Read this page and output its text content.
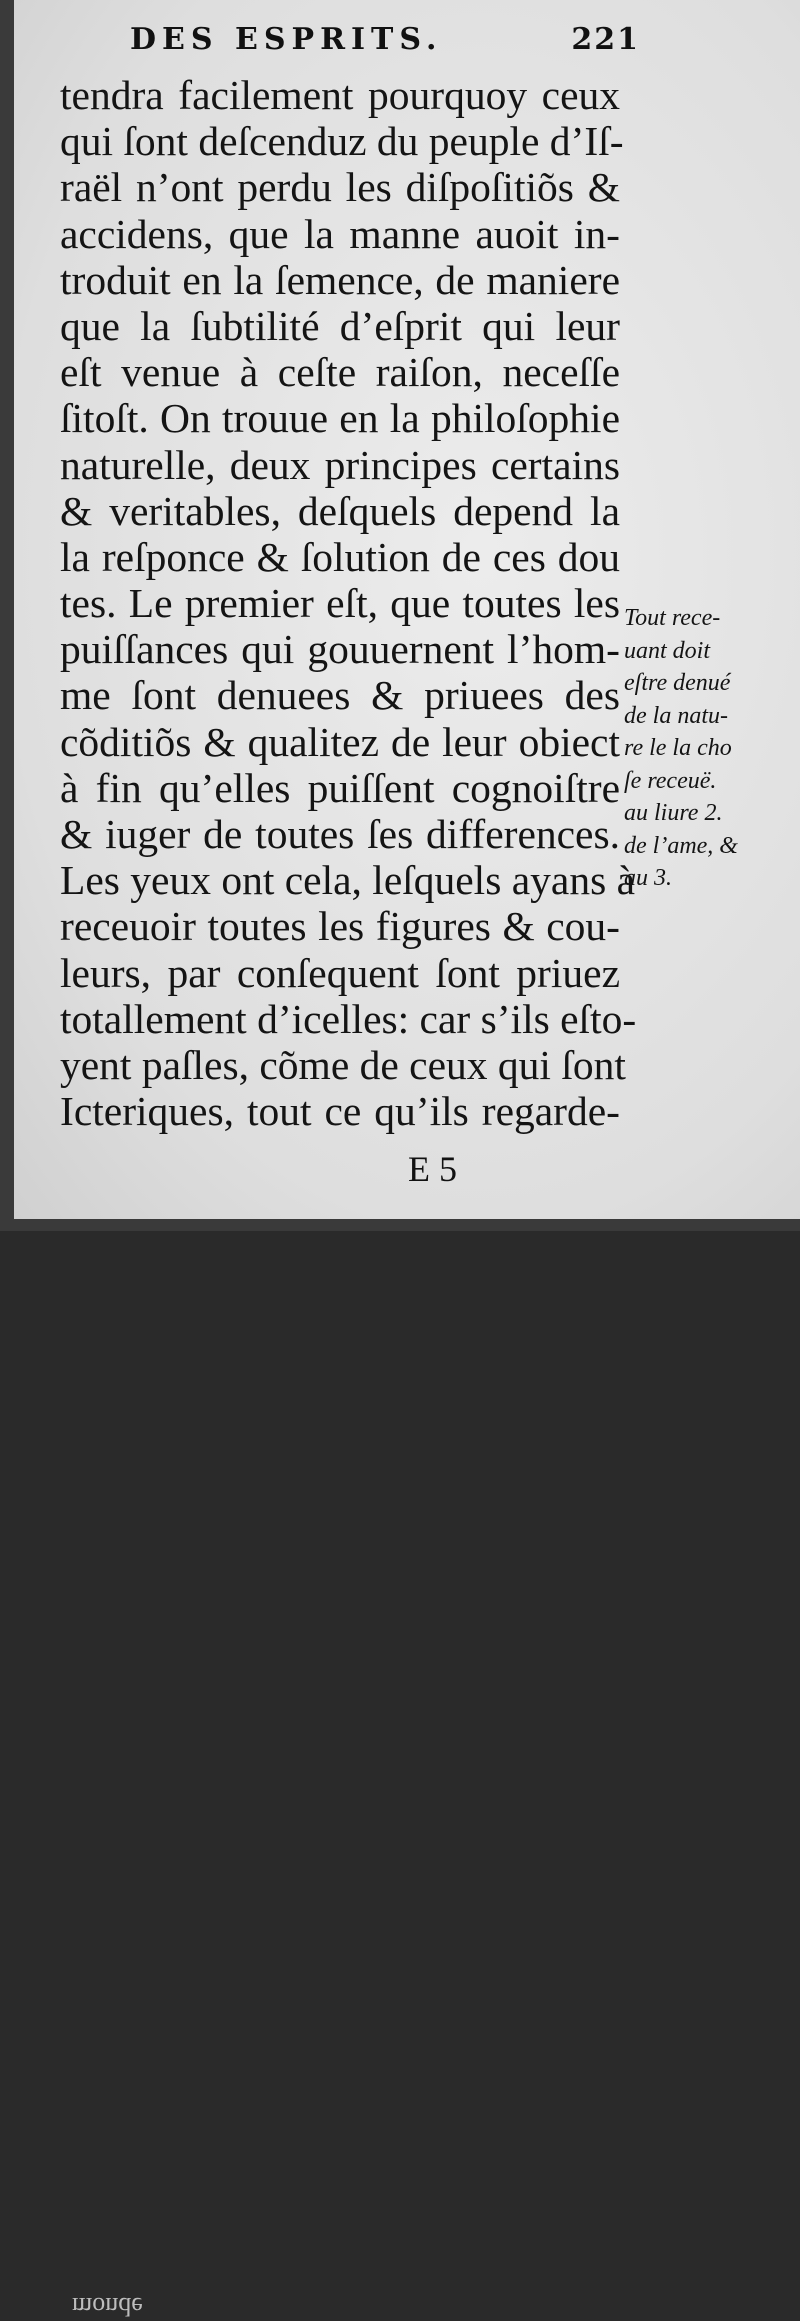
DES ESPRITS.	221
tendra facilement pourquoy ceux
qui ſont deſcenduz du peuple d’Iſ-
raël n’ont perdu les diſpoſitiõs &
accidens, que la manne auoit in-
troduit en la ſemence, de maniere
que la ſubtilité d’eſprit qui leur
eſt venue à ceſte raiſon, neceſſe
ſitoſt. On trouue en la philoſophie
naturelle, deux principes certains
& veritables, deſquels depend la
la reſponce & ſolution de ces dou
tes. Le premier eſt, que toutes les
puiſſances qui gouuernent l’hom-
me ſont denuees & priuees des
cõditiõs & qualitez de leur obiect
à fin qu’elles puiſſent cognoiſtre
& iuger de toutes ſes differences.
Les yeux ont cela, leſquels ayans à
receuoir toutes les figures & cou-
leurs, par conſequent ſont priuez
totallement d’icelles: car s’ils eſto-
yent paſles, cõme de ceux qui ſont
Icteriques, tout ce qu’ils regarde-
Tout rece-
uant doit
eſtre denué
de la natu-
re le la cho
ſe receuë.
au liure 2.
de l’ame, &
au 3.
monde
E 5
